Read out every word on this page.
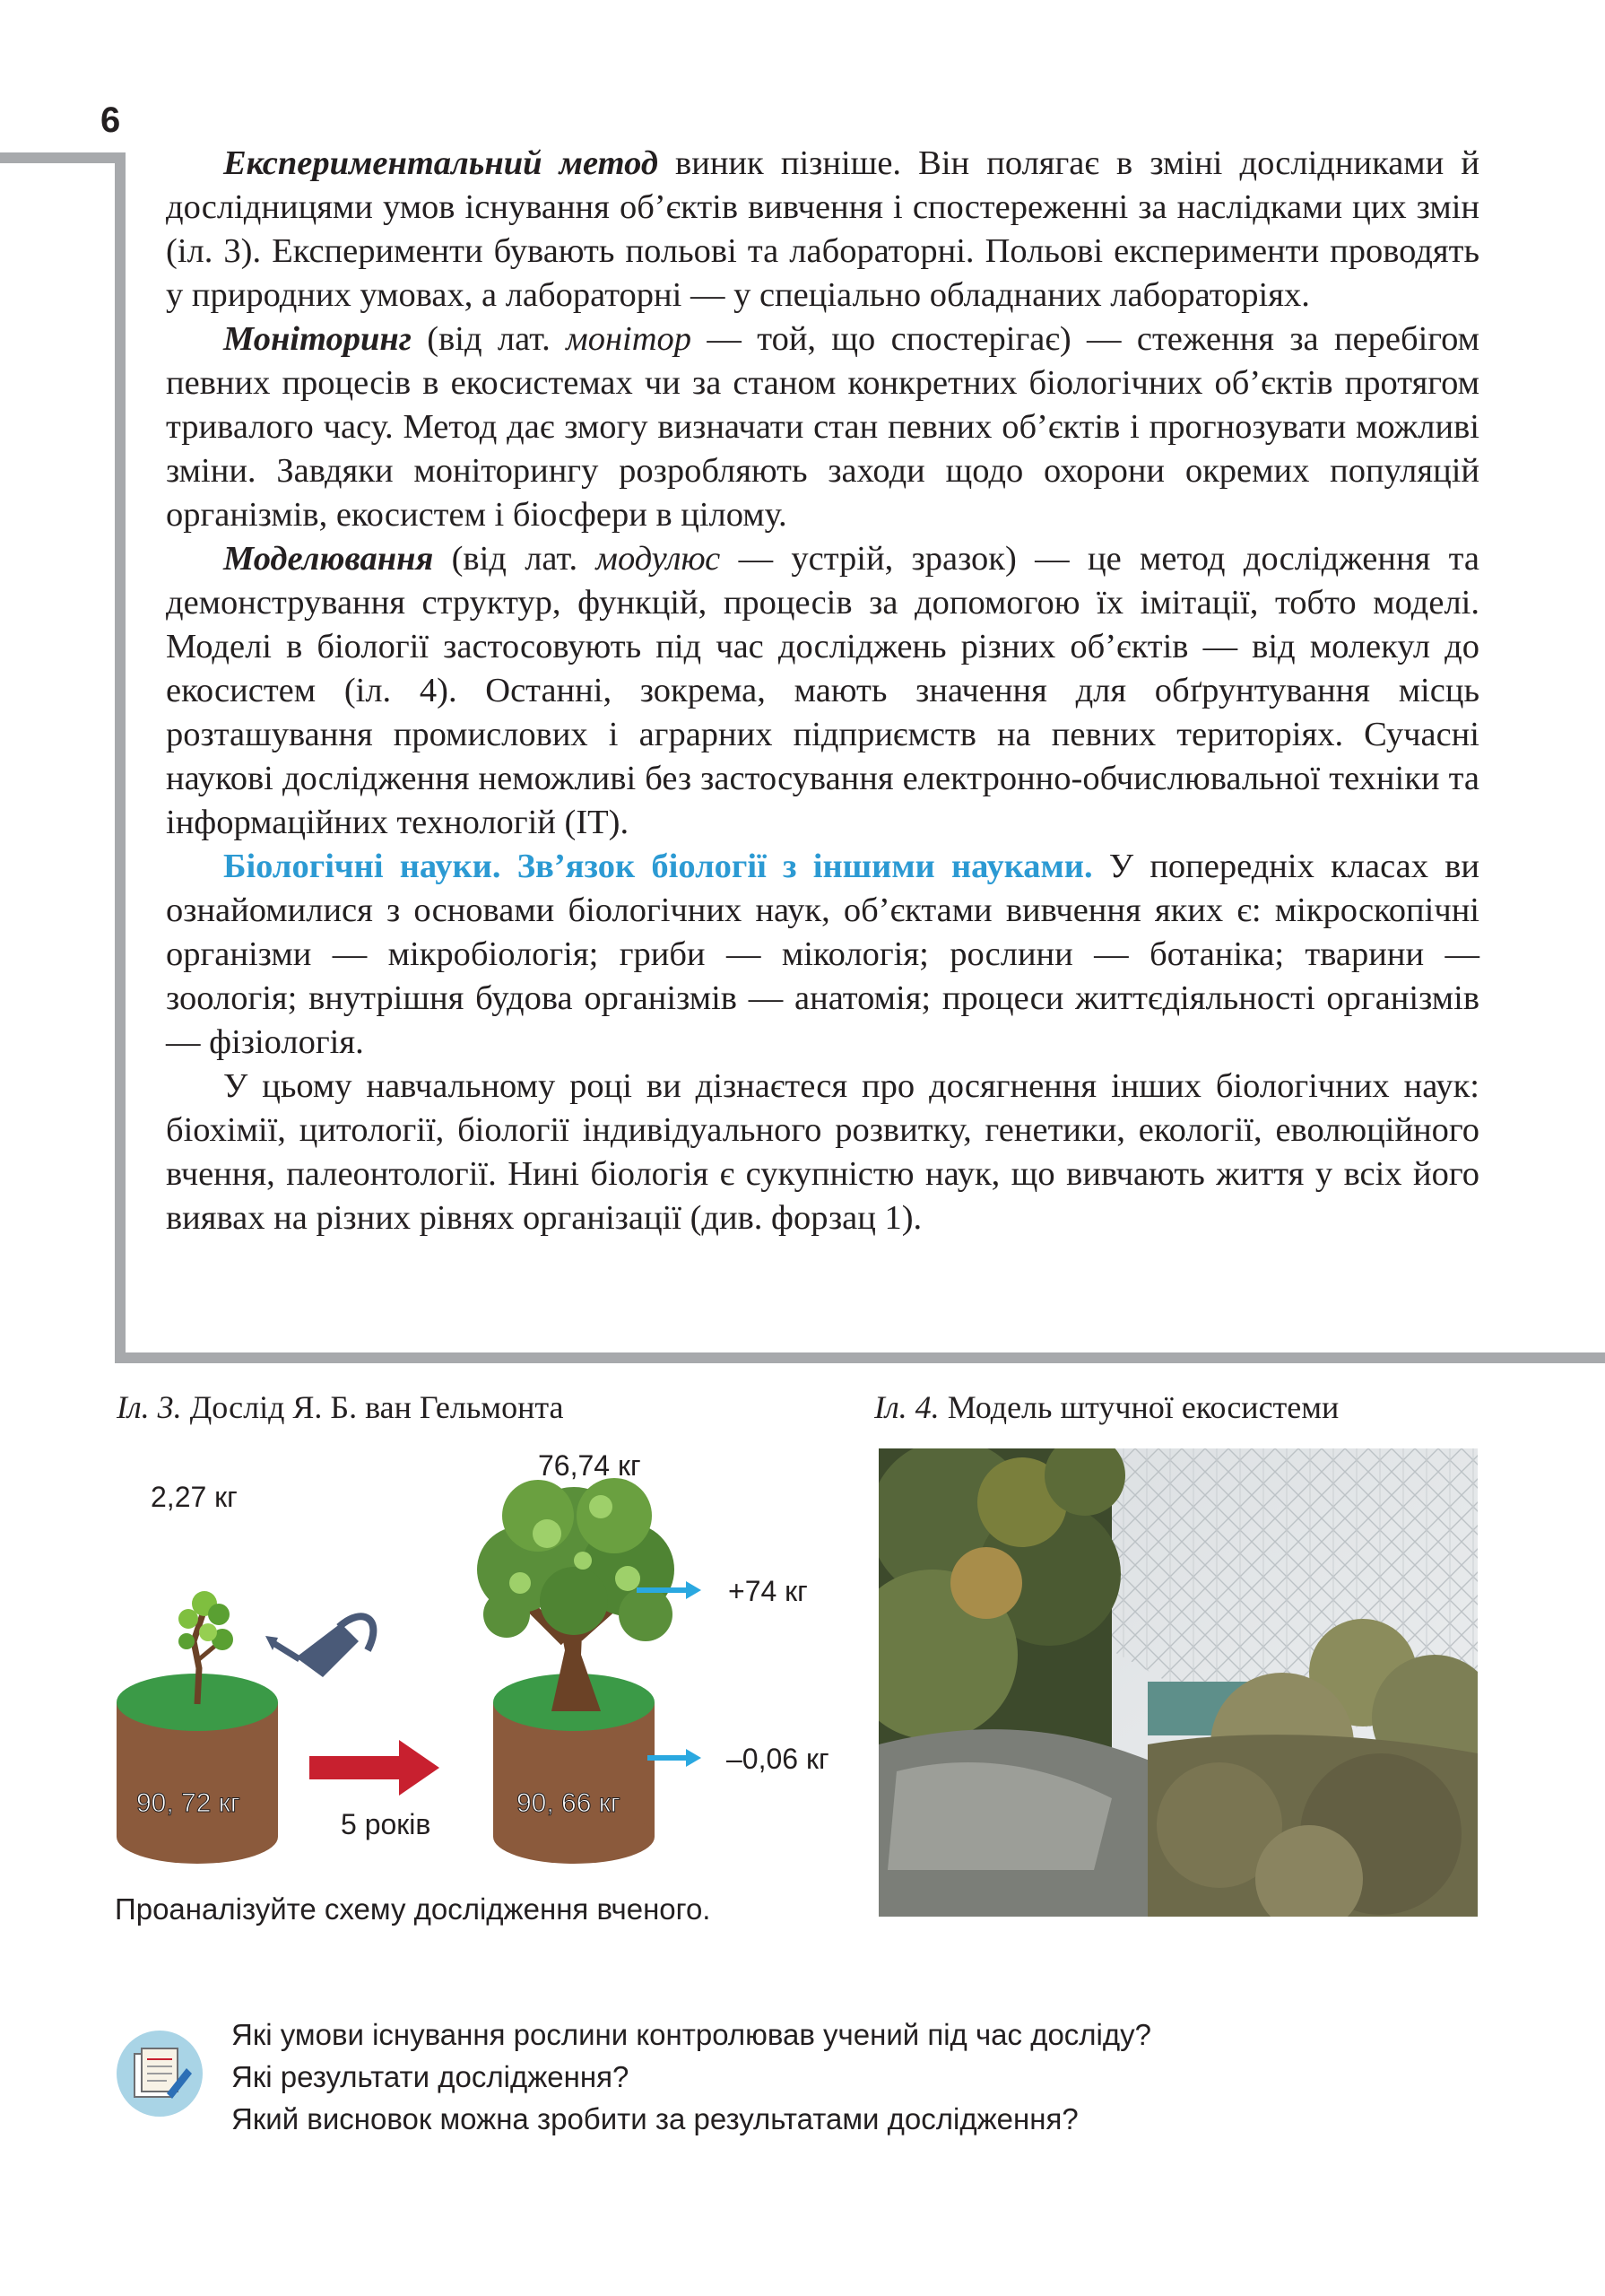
6

Експериментальний метод виник пізніше. Він полягає в зміні дослідниками й дослідницями умов існування об’єктів вивчення і спостереженні за наслідками цих змін (іл. 3). Експерименти бувають польові та лабораторні. Польові експерименти проводять у природних умовах, а лабораторні — у спеціально обладнаних лабораторіях.

Моніторинг (від лат. монітор — той, що спостерігає) — стеження за перебігом певних процесів в екосистемах чи за станом конкретних біологічних об’єктів протягом тривалого часу. Метод дає змогу визначати стан певних об’єктів і прогнозувати можливі зміни. Завдяки моніторингу розробляють заходи щодо охорони окремих популяцій організмів, екосистем і біосфери в цілому.

Моделювання (від лат. модулюс — устрій, зразок) — це метод дослідження та демонстрування структур, функцій, процесів за допомогою їх імітації, тобто моделі. Моделі в біології застосовують під час досліджень різних об’єктів — від молекул до екосистем (іл. 4). Останні, зокрема, мають значення для обґрунтування місць розташування промислових і аграрних підприємств на певних територіях. Сучасні наукові дослідження неможливі без застосування електронно-обчислювальної техніки та інформаційних технологій (ІТ).

Біологічні науки. Зв’язок біології з іншими науками. У попередніх класах ви ознайомилися з основами біологічних наук, об’єктами вивчення яких є: мікроскопічні організми — мікробіологія; гриби — мікологія; рослини — ботаніка; тварини — зоологія; внутрішня будова організмів — анатомія; процеси життєдіяльності організмів — фізіологія.

У цьому навчальному році ви дізнаєтеся про досягнення інших біологічних наук: біохімії, цитології, біології індивідуального розвитку, генетики, екології, еволюційного вчення, палеонтології. Нині біологія є сукупністю наук, що вивчають життя у всіх його виявах на різних рівнях організації (див. форзац 1).

Іл. 3. Дослід Я. Б. ван Гельмонта	Іл. 4. Модель штучної екосистеми
2,27 кг
76,74 кг
90, 72 кг	90, 66 кг
5 років
+74 кг
–0,06 кг
Проаналізуйте схему дослідження вченого.
Які умови існування рослини контролював учений під час досліду?
Які результати дослідження?
Який висновок можна зробити за результатами дослідження?
